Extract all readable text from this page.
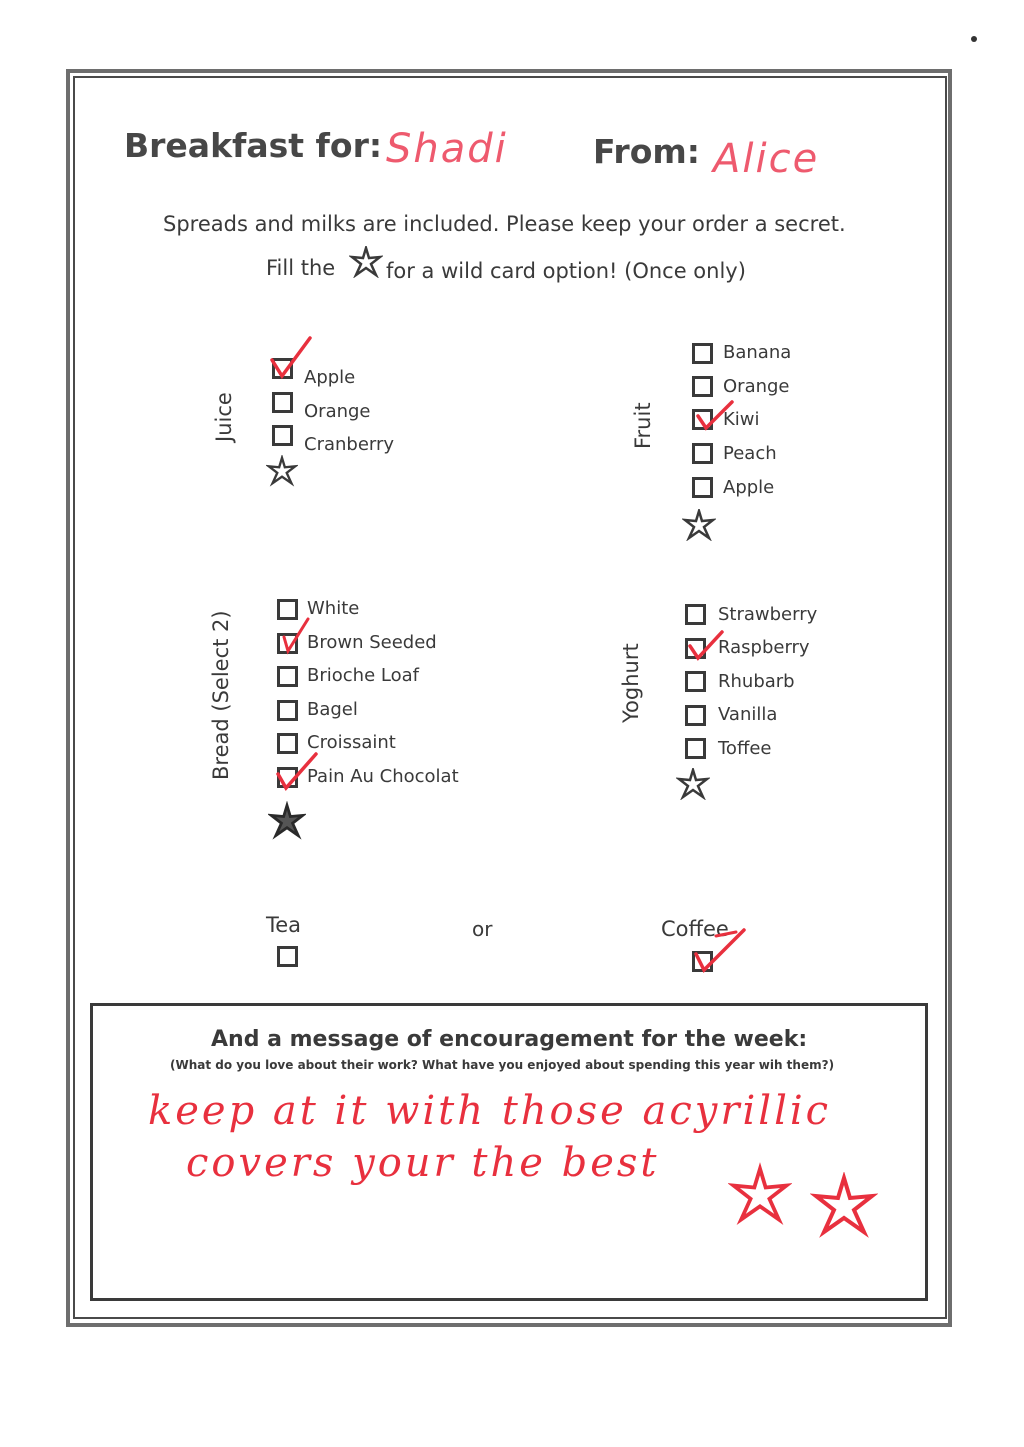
Breakfast for: Shadi	From: Alice
Spreads and milks are included. Please keep your order a secret.
Fill the for a wild card option! (Once only)
Juice
Apple
Orange
Cranberry	Fruit
Banana
Orange
Kiwi
Peach
Apple
Bread (Select 2)
White
Brown Seeded
Brioche Loaf
Bagel
Croissaint
Pain Au Chocolat
Yoghurt
Strawberry
Raspberry
Rhubarb
Vanilla
Toffee
Tea	or	Coffee
And a message of encouragement for the week:
(What do you love about their work? What have you enjoyed about spending this year wih them?)
keep at it with those acyrillic
covers your the best
